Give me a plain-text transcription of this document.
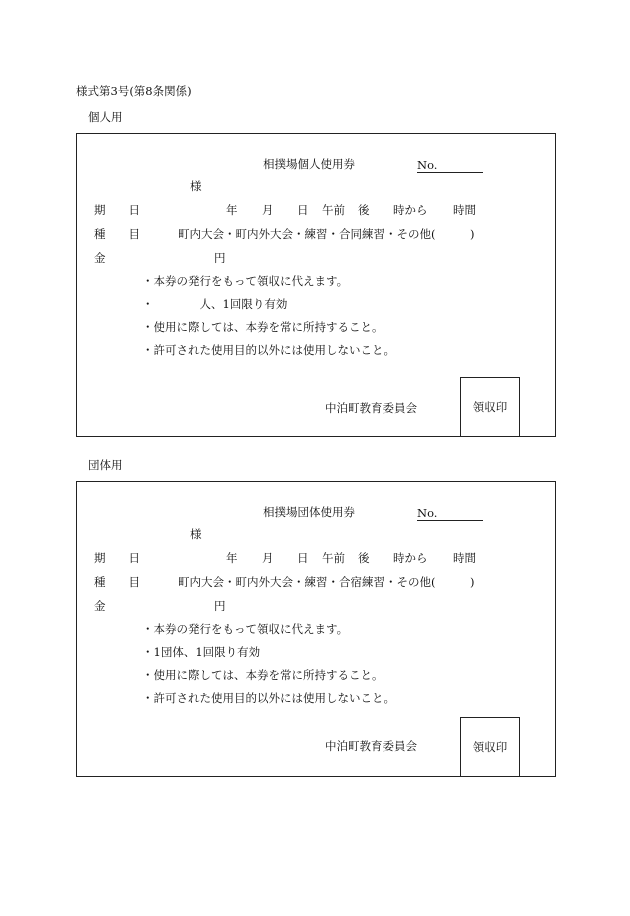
様式第3号(第8条関係)
個人用
相撲場個人使用券	No.
様
期　　日	年 月 日 午前 後 時から 時間
種　　目	町内大会・町内外大会・練習・合同練習・その他(　　　)
金	円
・本券の発行をもって領収に代えます。
・　　　　人、1回限り有効
・使用に際しては、本券を常に所持すること。
・許可された使用目的以外には使用しないこと。
中泊町教育委員会	領収印
団体用
相撲場団体使用券	No.
様
期　　日	年 月 日 午前 後 時から 時間
種　　目	町内大会・町内外大会・練習・合宿練習・その他(　　　)
金	円
・本券の発行をもって領収に代えます。
・1団体、1回限り有効
・使用に際しては、本券を常に所持すること。
・許可された使用目的以外には使用しないこと。
中泊町教育委員会	領収印
